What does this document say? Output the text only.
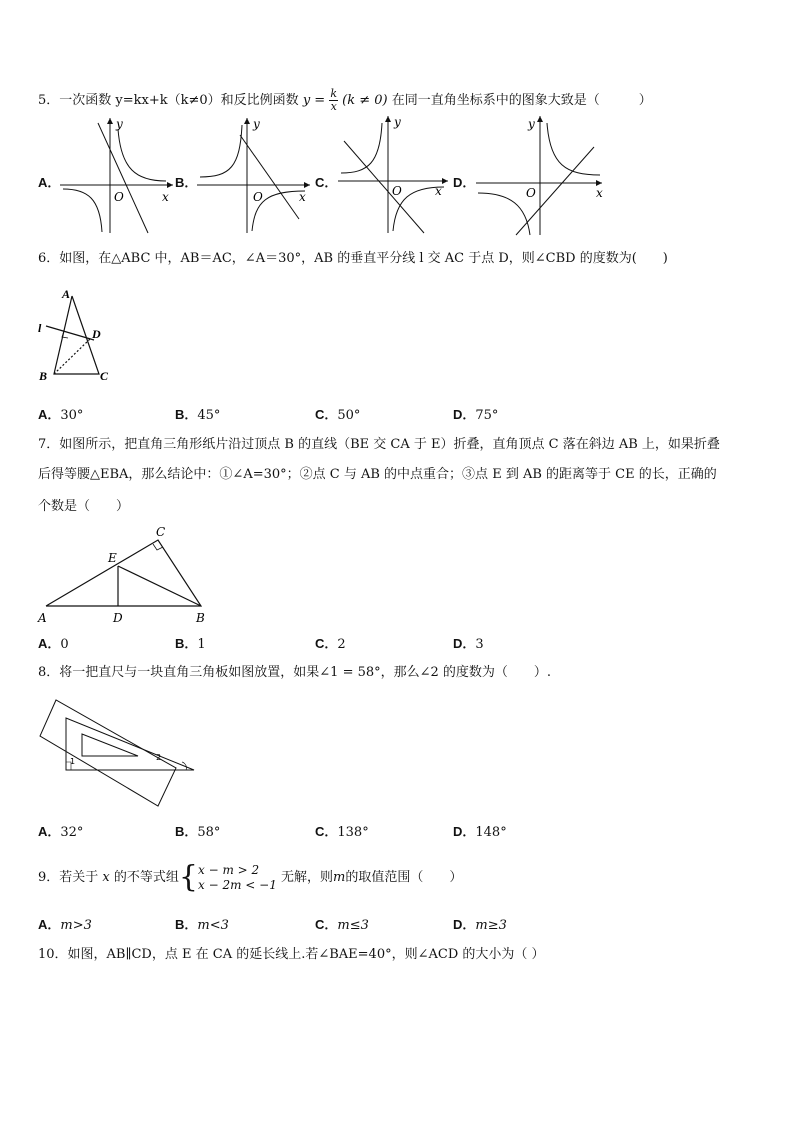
5．一次函数 y=kx+k（k≠0）和反比例函数 $y = \frac{k}{x} (k \ne 0)$ 在同一直角坐标系中的图象大致是（　　　）
A．	B．	C．	D．
y
x
O
y
x
O
y
x
O
y
x
O
6．如图，在△ABC 中，AB＝AC，∠A＝30°，AB 的垂直平分线 l 交 AC 于点 D，则∠CBD 的度数为(　　)
A
B	C
D
l
A．30°	B．45°	C．50°	D．75°
7．如图所示，把直角三角形纸片沿过顶点 B 的直线（BE 交 CA 于 E）折叠，直角顶点 C 落在斜边 AB 上，如果折叠
后得等腰△EBA，那么结论中：①∠A=30°；②点 C 与 AB 的中点重合；③点 E 到 AB 的距离等于 CE 的长，正确的
个数是（　　）
A	B
C
D
E
A．0	B．1	C．2	D．3
8．将一把直尺与一块直角三角板如图放置，如果∠1 = 58°，那么∠2 的度数为（　　）.
1	2
A．32°	B．58°	C．138°	D．148°
9．若关于 x 的不等式组{ x − m > 2
x − 2m < −1 无解，则m的取值范围（　　）
A．m>3	B．m<3	C．m≤3	D．m≥3
10．如图，AB∥CD，点 E 在 CA 的延长线上.若∠BAE=40°，则∠ACD 的大小为（ ）
